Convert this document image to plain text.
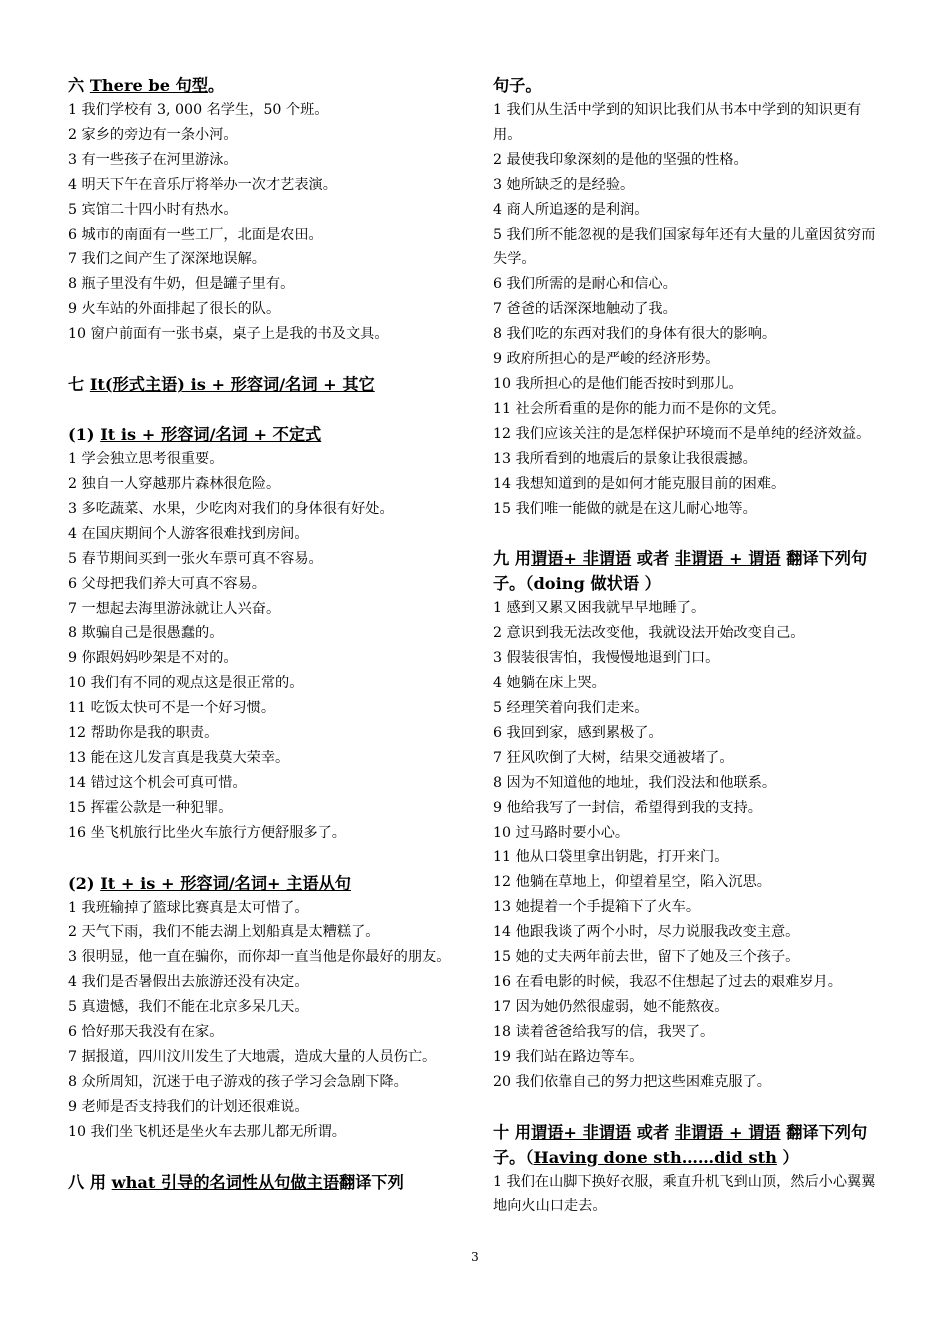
六 There be 句型。
1 我们学校有 3, 000 名学生，50 个班。
2 家乡的旁边有一条小河。
3 有一些孩子在河里游泳。
4 明天下午在音乐厅将举办一次才艺表演。
5 宾馆二十四小时有热水。
6 城市的南面有一些工厂，北面是农田。
7 我们之间产生了深深地误解。
8 瓶子里没有牛奶，但是罐子里有。
9 火车站的外面排起了很长的队。
10 窗户前面有一张书桌，桌子上是我的书及文具。
七 It(形式主语) is + 形容词/名词 + 其它
(1) It is + 形容词/名词 + 不定式
1 学会独立思考很重要。
2 独自一人穿越那片森林很危险。
3 多吃蔬菜、水果，少吃肉对我们的身体很有好处。
4 在国庆期间个人游客很难找到房间。
5 春节期间买到一张火车票可真不容易。
6 父母把我们养大可真不容易。
7 一想起去海里游泳就让人兴奋。
8 欺骗自己是很愚蠢的。
9 你跟妈妈吵架是不对的。
10 我们有不同的观点这是很正常的。
11 吃饭太快可不是一个好习惯。
12 帮助你是我的职责。
13 能在这儿发言真是我莫大荣幸。
14 错过这个机会可真可惜。
15 挥霍公款是一种犯罪。
16 坐飞机旅行比坐火车旅行方便舒服多了。
(2) It + is + 形容词/名词+ 主语从句
1 我班输掉了篮球比赛真是太可惜了。
2 天气下雨，我们不能去湖上划船真是太糟糕了。
3 很明显，他一直在骗你，而你却一直当他是你最好的朋友。
4 我们是否暑假出去旅游还没有决定。
5 真遗憾，我们不能在北京多呆几天。
6 恰好那天我没有在家。
7 据报道，四川汶川发生了大地震，造成大量的人员伤亡。
8 众所周知，沉迷于电子游戏的孩子学习会急剧下降。
9 老师是否支持我们的计划还很难说。
10 我们坐飞机还是坐火车去那儿都无所谓。
八 用 what 引导的名词性从句做主语翻译下列
句子。
1 我们从生活中学到的知识比我们从书本中学到的知识更有用。
2 最使我印象深刻的是他的坚强的性格。
3 她所缺乏的是经验。
4 商人所追逐的是利润。
5 我们所不能忽视的是我们国家每年还有大量的儿童因贫穷而失学。
6 我们所需的是耐心和信心。
7 爸爸的话深深地触动了我。
8 我们吃的东西对我们的身体有很大的影响。
9 政府所担心的是严峻的经济形势。
10 我所担心的是他们能否按时到那儿。
11 社会所看重的是你的能力而不是你的文凭。
12 我们应该关注的是怎样保护环境而不是单纯的经济效益。
13 我所看到的地震后的景象让我很震撼。
14 我想知道到的是如何才能克服目前的困难。
15 我们唯一能做的就是在这儿耐心地等。
九 用谓语+ 非谓语 或者 非谓语 + 谓语 翻译下列句子。（doing 做状语 ）
1 感到又累又困我就早早地睡了。
2 意识到我无法改变他，我就设法开始改变自己。
3 假装很害怕，我慢慢地退到门口。
4 她躺在床上哭。
5 经理笑着向我们走来。
6 我回到家，感到累极了。
7 狂风吹倒了大树，结果交通被堵了。
8 因为不知道他的地址，我们没法和他联系。
9 他给我写了一封信，希望得到我的支持。
10 过马路时要小心。
11 他从口袋里拿出钥匙，打开来门。
12 他躺在草地上，仰望着星空，陷入沉思。
13 她提着一个手提箱下了火车。
14 他跟我谈了两个小时，尽力说服我改变主意。
15 她的丈夫两年前去世，留下了她及三个孩子。
16 在看电影的时候，我忍不住想起了过去的艰难岁月。
17 因为她仍然很虚弱，她不能熬夜。
18 读着爸爸给我写的信，我哭了。
19 我们站在路边等车。
20 我们依靠自己的努力把这些困难克服了。
十 用谓语+ 非谓语 或者 非谓语 + 谓语 翻译下列句子。（Having done sth……did sth ）
1 我们在山脚下换好衣服，乘直升机飞到山顶，然后小心翼翼地向火山口走去。
3
